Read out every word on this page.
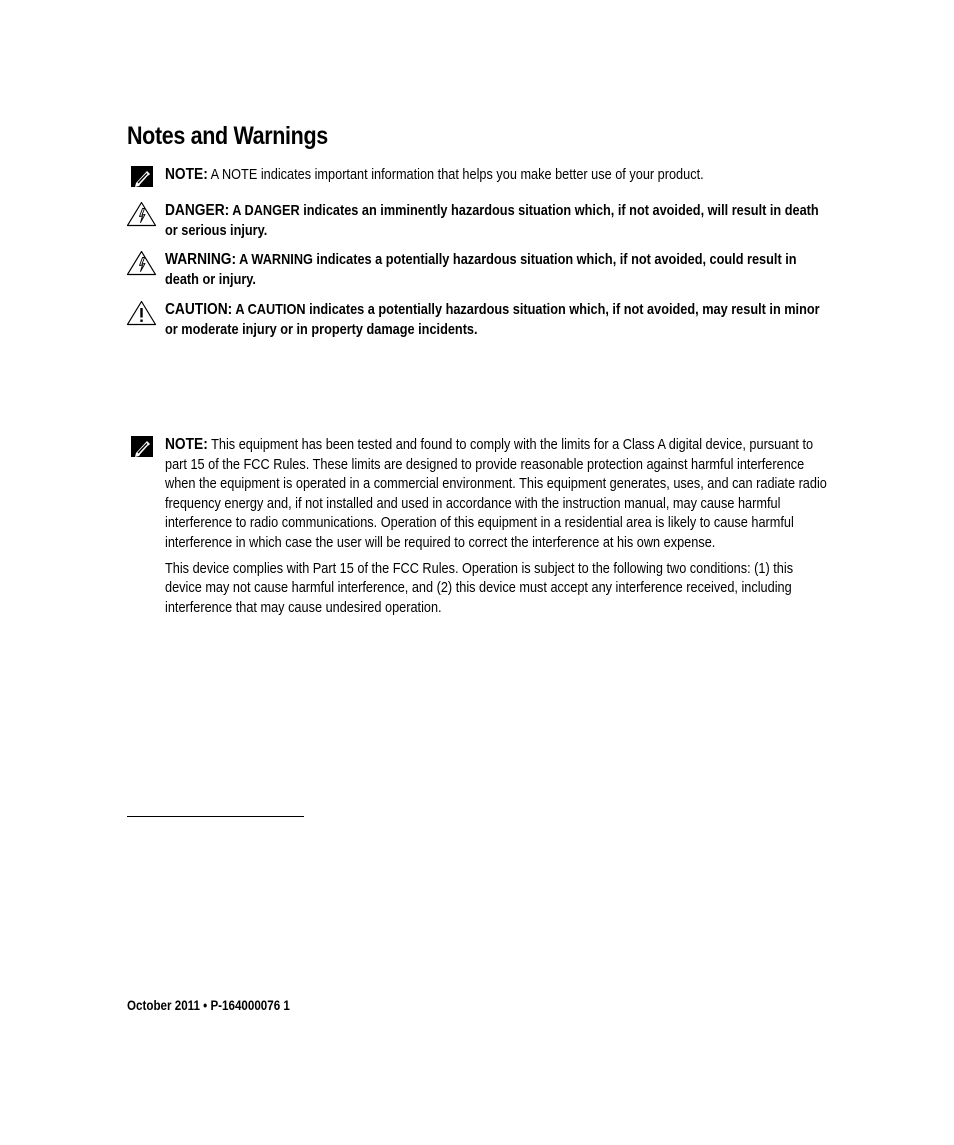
Notes and Warnings

NOTE: A NOTE indicates important information that helps you make better use of your product.

DANGER: A DANGER indicates an imminently hazardous situation which, if not avoided, will result in death or serious injury.

WARNING: A WARNING indicates a potentially hazardous situation which, if not avoided, could result in death or injury.

CAUTION: A CAUTION indicates a potentially hazardous situation which, if not avoided, may result in minor or moderate injury or in property damage incidents.

NOTE: This equipment has been tested and found to comply with the limits for a Class A digital device, pursuant to part 15 of the FCC Rules. These limits are designed to provide reasonable protection against harmful interference when the equipment is operated in a commercial environment. This equipment generates, uses, and can radiate radio frequency energy and, if not installed and used in accordance with the instruction manual, may cause harmful interference to radio communications. Operation of this equipment in a residential area is likely to cause harmful interference in which case the user will be required to correct the interference at his own expense.

This device complies with Part 15 of the FCC Rules. Operation is subject to the following two conditions: (1) this device may not cause harmful interference, and (2) this device must accept any interference received, including interference that may cause undesired operation.

October 2011 • P-164000076 1
